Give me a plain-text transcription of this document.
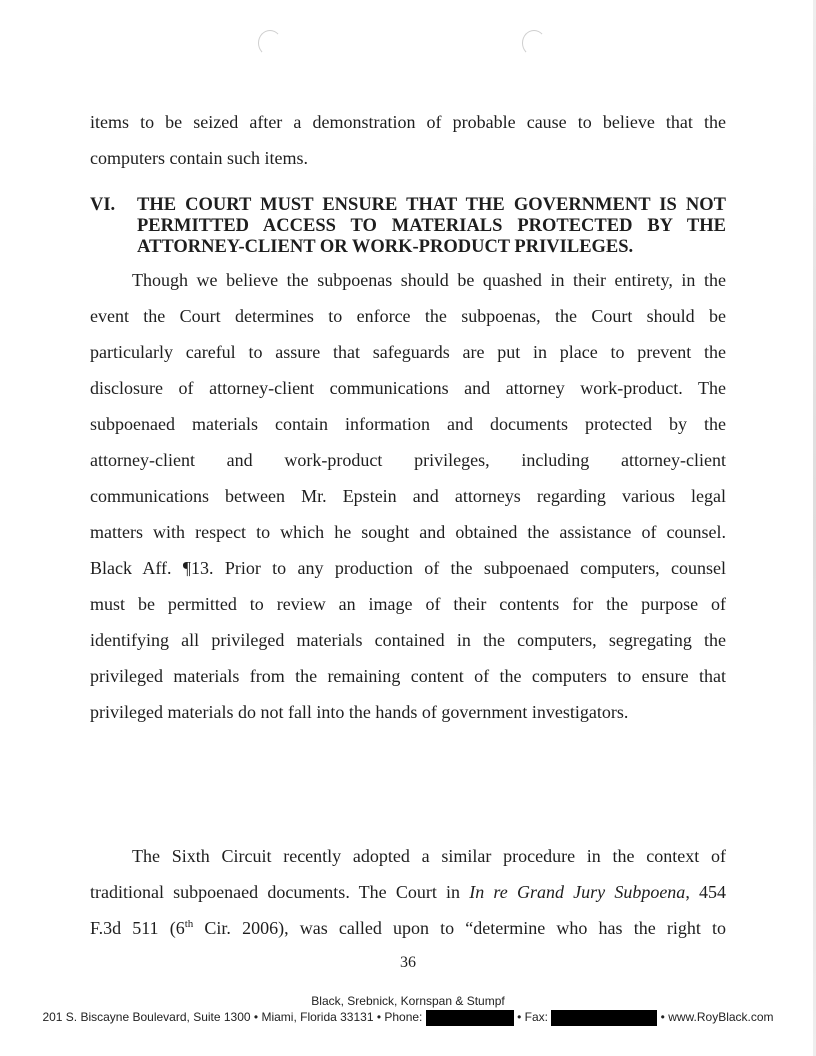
items to be seized after a demonstration of probable cause to believe that the
computers contain such items.
VI. THE COURT MUST ENSURE THAT THE GOVERNMENT IS NOT
PERMITTED ACCESS TO MATERIALS PROTECTED BY THE
ATTORNEY-CLIENT OR WORK-PRODUCT PRIVILEGES.
Though we believe the subpoenas should be quashed in their entirety, in the
event the Court determines to enforce the subpoenas, the Court should be
particularly careful to assure that safeguards are put in place to prevent the
disclosure of attorney-client communications and attorney work-product. The
subpoenaed materials contain information and documents protected by the
attorney-client and work-product privileges, including attorney-client
communications between Mr. Epstein and attorneys regarding various legal
matters with respect to which he sought and obtained the assistance of counsel.
Black Aff. ¶13. Prior to any production of the subpoenaed computers, counsel
must be permitted to review an image of their contents for the purpose of
identifying all privileged materials contained in the computers, segregating the
privileged materials from the remaining content of the computers to ensure that
privileged materials do not fall into the hands of government investigators.
The Sixth Circuit recently adopted a similar procedure in the context of
traditional subpoenaed documents. The Court in In re Grand Jury Subpoena, 454
F.3d 511 (6th Cir. 2006), was called upon to “determine who has the right to
36
Black, Srebnick, Kornspan & Stumpf
201 S. Biscayne Boulevard, Suite 1300 • Miami, Florida 33131 • Phone:	• Fax:	• www.RoyBlack.com
